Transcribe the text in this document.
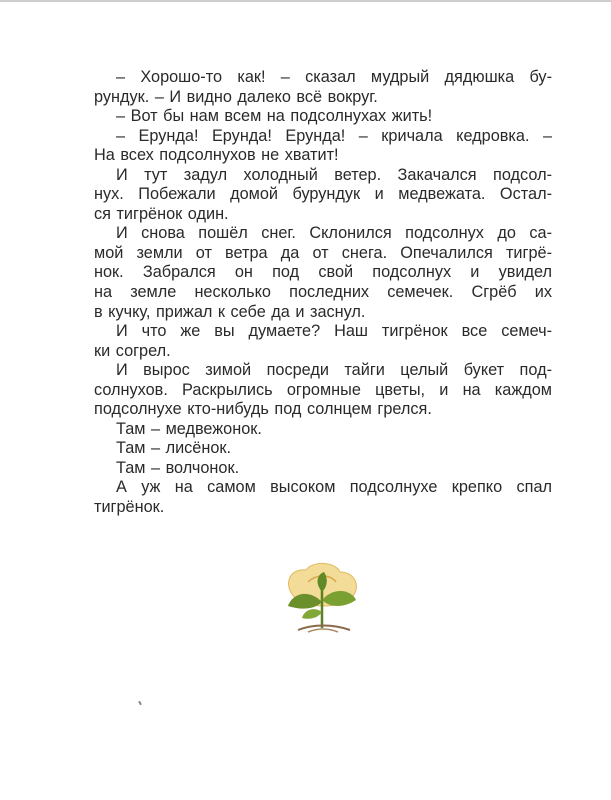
– Хорошо-то как! – сказал мудрый дядюшка бу-
рундук. – И видно далеко всё вокруг.
– Вот бы нам всем на подсолнухах жить!
– Ерунда! Ерунда! Ерунда! – кричала кедровка. –
На всех подсолнухов не хватит!
И тут задул холодный ветер. Закачался подсол-
нух. Побежали домой бурундук и медвежата. Остал-
ся тигрёнок один.
И снова пошёл снег. Склонился подсолнух до са-
мой земли от ветра да от снега. Опечалился тигрё-
нок. Забрался он под свой подсолнух и увидел
на земле несколько последних семечек. Сгрёб их
в кучку, прижал к себе да и заснул.
И что же вы думаете? Наш тигрёнок все семеч-
ки согрел.
И вырос зимой посреди тайги целый букет под-
солнухов. Раскрылись огромные цветы, и на каждом
подсолнухе кто-нибудь под солнцем грелся.
Там – медвежонок.
Там – лисёнок.
Там – волчонок.
А уж на самом высоком подсолнухе крепко спал
тигрёнок.
